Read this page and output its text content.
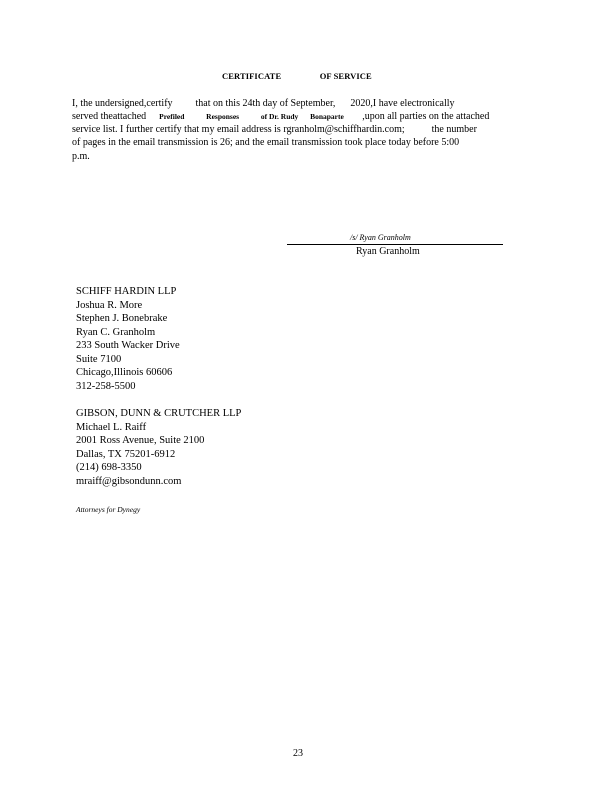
CERTIFICATE	OF SERVICE
I, the undersigned,certify that on this 24th day of September, 2020,I have electronically
served theattached Prefiled	Responses	of Dr. Rudy Bonaparte ,upon all parties on the attached
service list. I further certify that my email address is rgranholm@schiffhardin.com;	the number
of pages in the email transmission is 26; and the email transmission took place today before 5:00
p.m.
/s/ Ryan Granholm
Ryan Granholm
SCHIFF HARDIN LLP
Joshua R. More
Stephen J. Bonebrake
Ryan C. Granholm
233 South Wacker Drive
Suite 7100
Chicago,Illinois 60606
312-258-5500
GIBSON, DUNN & CRUTCHER LLP
Michael L. Raiff
2001 Ross Avenue, Suite 2100
Dallas, TX 75201-6912
(214) 698-3350
mraiff@gibsondunn.com
Attorneys for Dynegy
23
